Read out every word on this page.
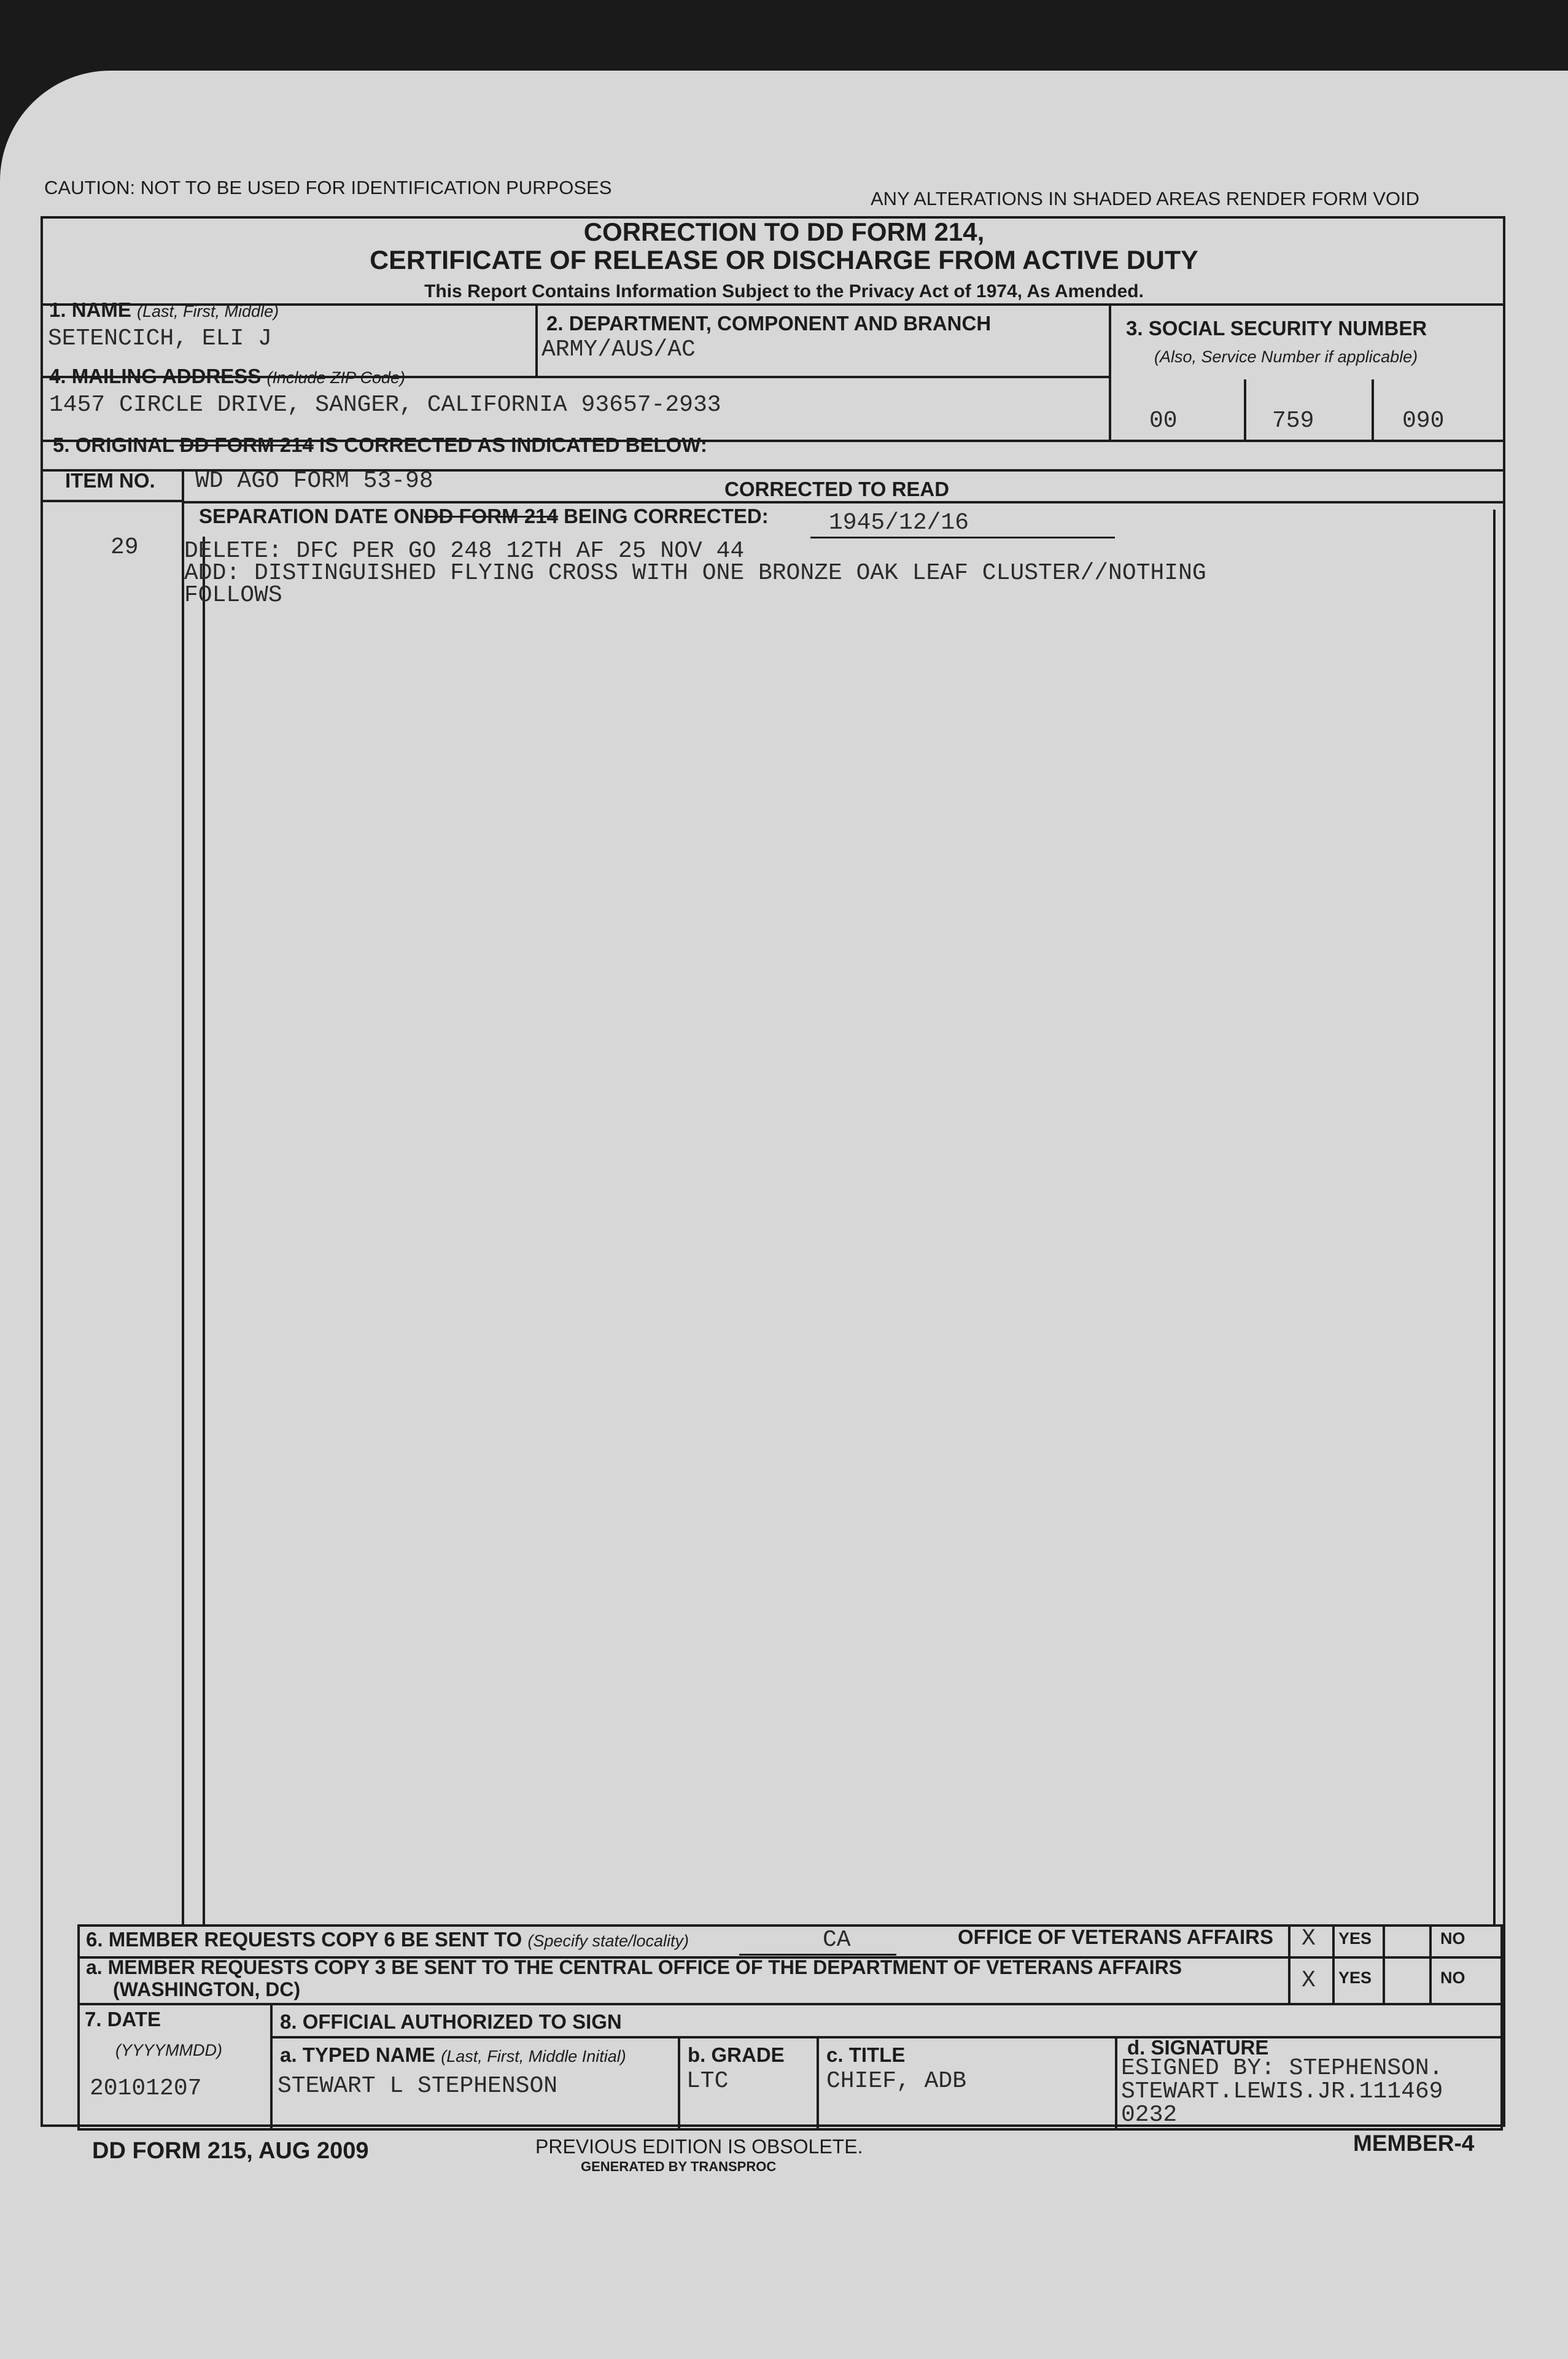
CAUTION: NOT TO BE USED FOR IDENTIFICATION PURPOSES
ANY ALTERATIONS IN SHADED AREAS RENDER FORM VOID
CORRECTION TO DD FORM 214,
CERTIFICATE OF RELEASE OR DISCHARGE FROM ACTIVE DUTY
This Report Contains Information Subject to the Privacy Act of 1974, As Amended.
1. NAME (Last, First, Middle)
SETENCICH, ELI J
2. DEPARTMENT, COMPONENT AND BRANCH
ARMY/AUS/AC
3. SOCIAL SECURITY NUMBER
(Also, Service Number if applicable)
00	759	090
4. MAILING ADDRESS (Include ZIP Code)
1457 CIRCLE DRIVE, SANGER, CALIFORNIA 93657-2933
5. ORIGINAL DD FORM 214 IS CORRECTED AS INDICATED BELOW:
ITEM NO. WD AGO FORM 53-98	CORRECTED TO READ
SEPARATION DATE ONDD FORM 214 BEING CORRECTED:	1945/12/16
29 DELETE: DFC PER GO 248 12TH AF 25 NOV 44
ADD: DISTINGUISHED FLYING CROSS WITH ONE BRONZE OAK LEAF CLUSTER//NOTHING
FOLLOWS
6. MEMBER REQUESTS COPY 6 BE SENT TO (Specify state/locality)	CA	OFFICE OF VETERANS AFFAIRS X YES	NO
a. MEMBER REQUESTS COPY 3 BE SENT TO THE CENTRAL OFFICE OF THE DEPARTMENT OF VETERANS AFFAIRS
(WASHINGTON, DC)	X YES	NO
7. DATE
(YYYYMMDD)
20101207
8. OFFICIAL AUTHORIZED TO SIGN
a. TYPED NAME (Last, First, Middle Initial)
STEWART L STEPHENSON
b. GRADE
LTC
c. TITLE
CHIEF, ADB
d. SIGNATURE
ESIGNED BY: STEPHENSON.
STEWART.LEWIS.JR.111469
0232
DD FORM 215, AUG 2009	PREVIOUS EDITION IS OBSOLETE.
GENERATED BY TRANSPROC
MEMBER-4
